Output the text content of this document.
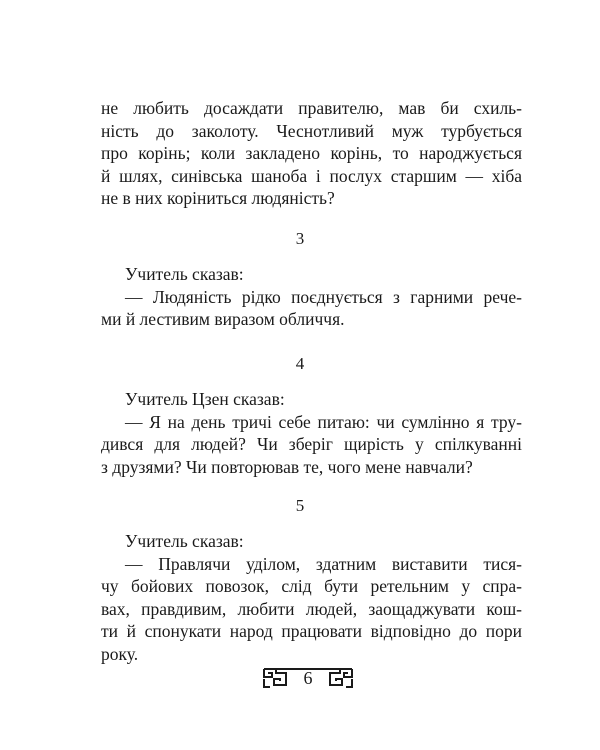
не любить досаждати правителю, мав би схиль-
ність до заколоту. Чеснотливий муж турбується
про корінь; коли закладено корінь, то народжується
й шлях, синівська шаноба і послух старшим — хіба
не в них коріниться людяність?
3
Учитель сказав:
— Людяність рідко поєднується з гарними рече-
ми й лестивим виразом обличчя.
4
Учитель Цзен сказав:
— Я на день тричі себе питаю: чи сумлінно я тру-
дився для людей? Чи зберіг щирість у спілкуванні
з друзями? Чи повторював те, чого мене навчали?
5
Учитель сказав:
— Правлячи уділом, здатним виставити тися-
чу бойових повозок, слід бути ретельним у спра-
вах, правдивим, любити людей, заощаджувати кош-
ти й спонукати народ працювати відповідно до пори
року.
6
